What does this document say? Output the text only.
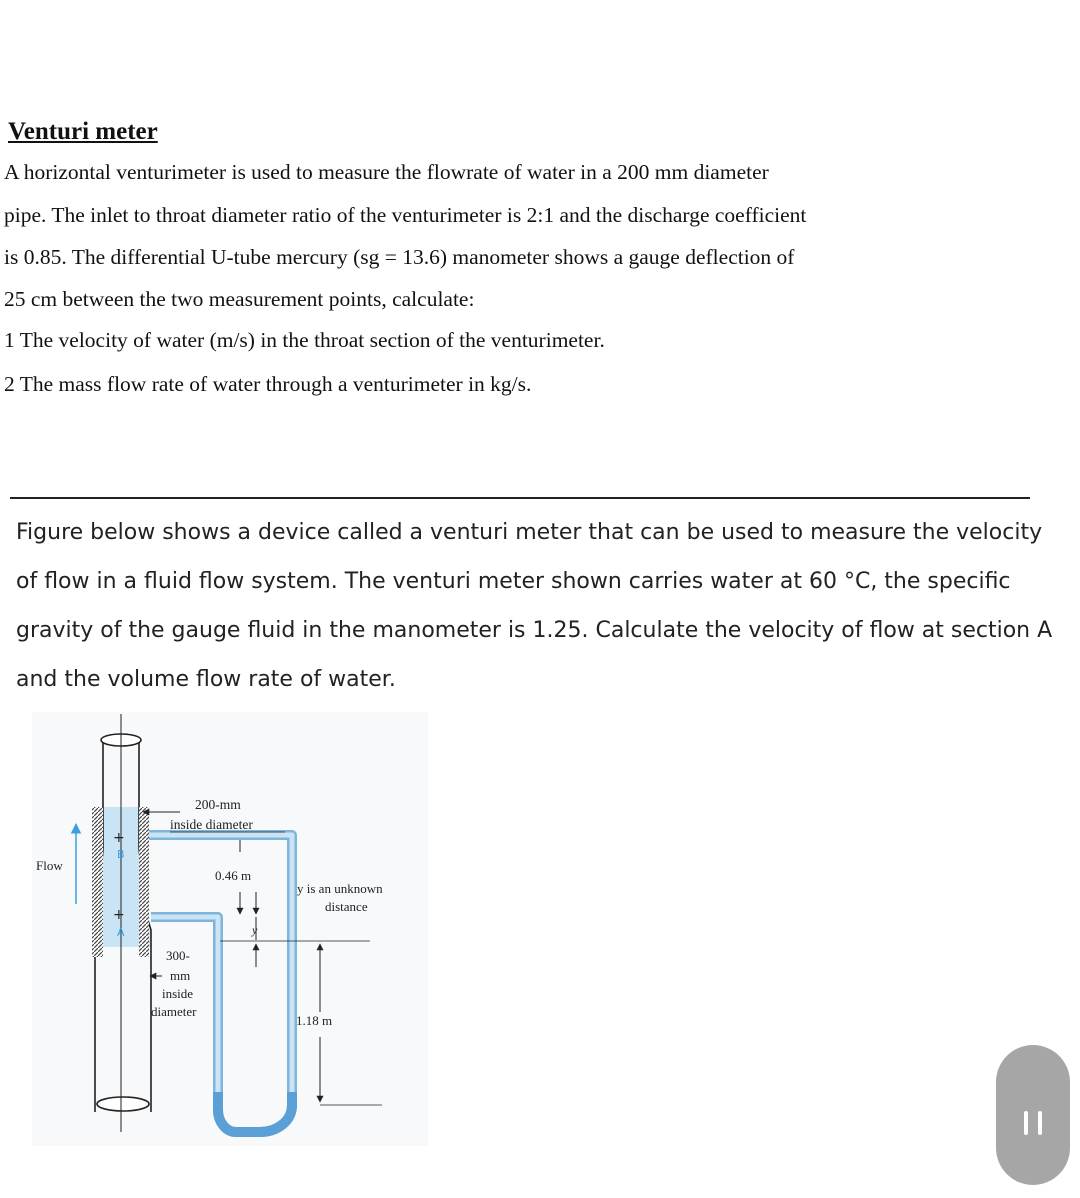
Venturi meter

A horizontal venturimeter is used to measure the flowrate of water in a 200 mm diameter

pipe. The inlet to throat diameter ratio of the venturimeter is 2:1 and the discharge coefficient

is 0.85. The differential U-tube mercury (sg = 13.6) manometer shows a gauge deflection of

25 cm between the two measurement points, calculate:

1 The velocity of water (m/s) in the throat section of the venturimeter.

2 The mass flow rate of water through a venturimeter in kg/s.

Figure below shows a device called a venturi meter that can be used to measure the velocity

of flow in a fluid flow system. The venturi meter shown carries water at 60 °C, the specific

gravity of the gauge fluid in the manometer is 1.25. Calculate the velocity of flow at section A

and the volume flow rate of water.

+
+
B
A
200-mm
inside diameter
Flow
0.46 m
y
y is an unknown
distance
300-
mm
inside
diameter
1.18 m
